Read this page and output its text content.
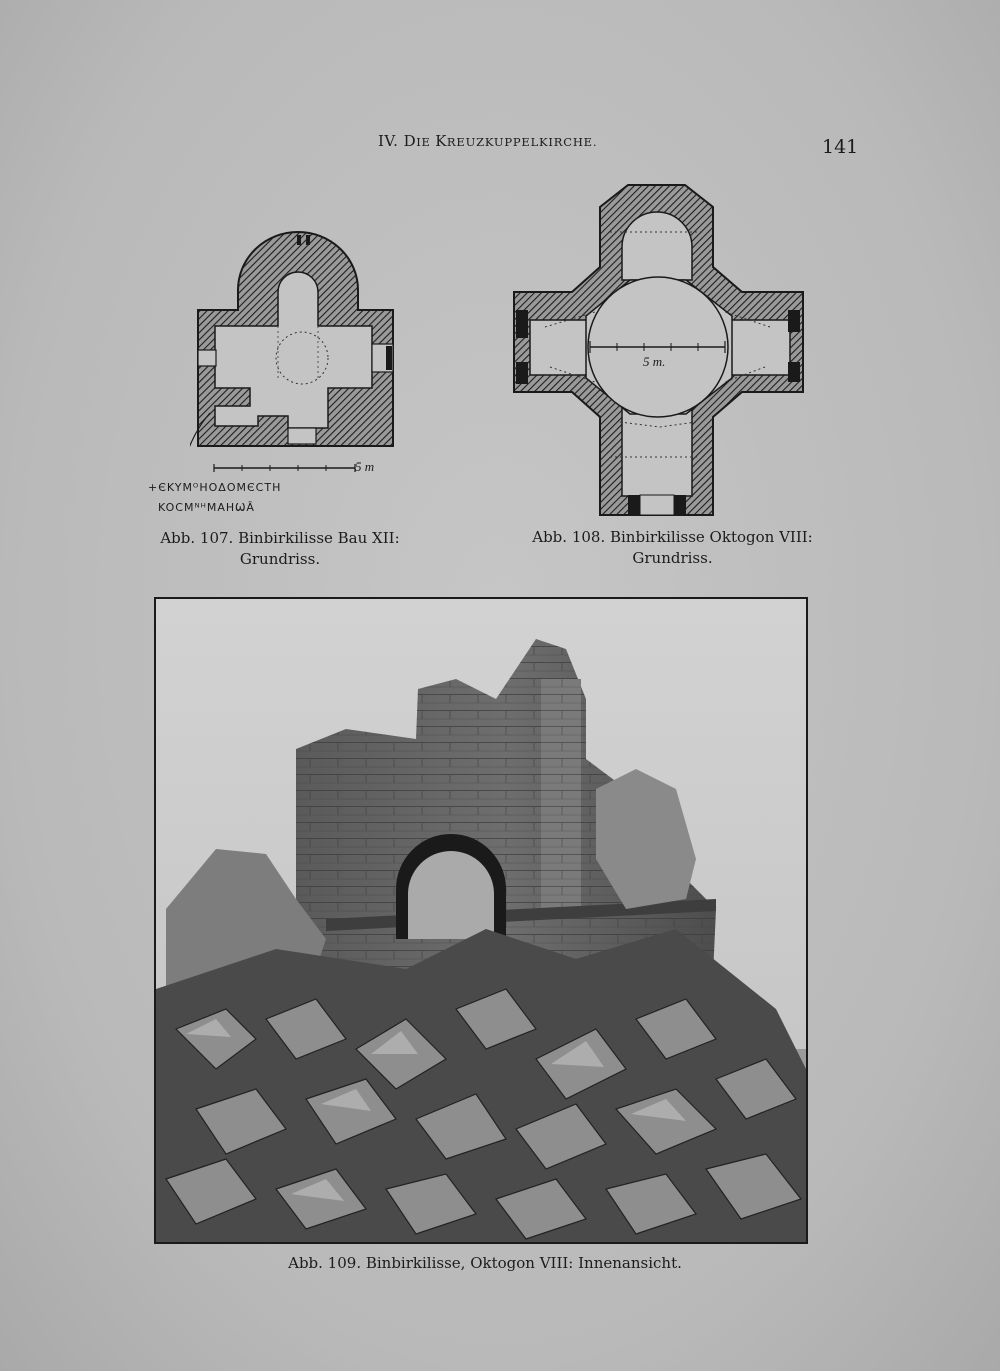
IV. DIE KREUZKUPPELKIRCHE.	141
5 m
+ЄKYMᴼHOΔOMЄCTH
KOCMᴺᴴMAHѠĀ
Abb. 107. Binbirkilisse Bau XII:
Grundriss.
5 m.
Abb. 108. Binbirkilisse Oktogon VIII:
Grundriss.
Abb. 109. Binbirkilisse, Oktogon VIII: Innenansicht.
